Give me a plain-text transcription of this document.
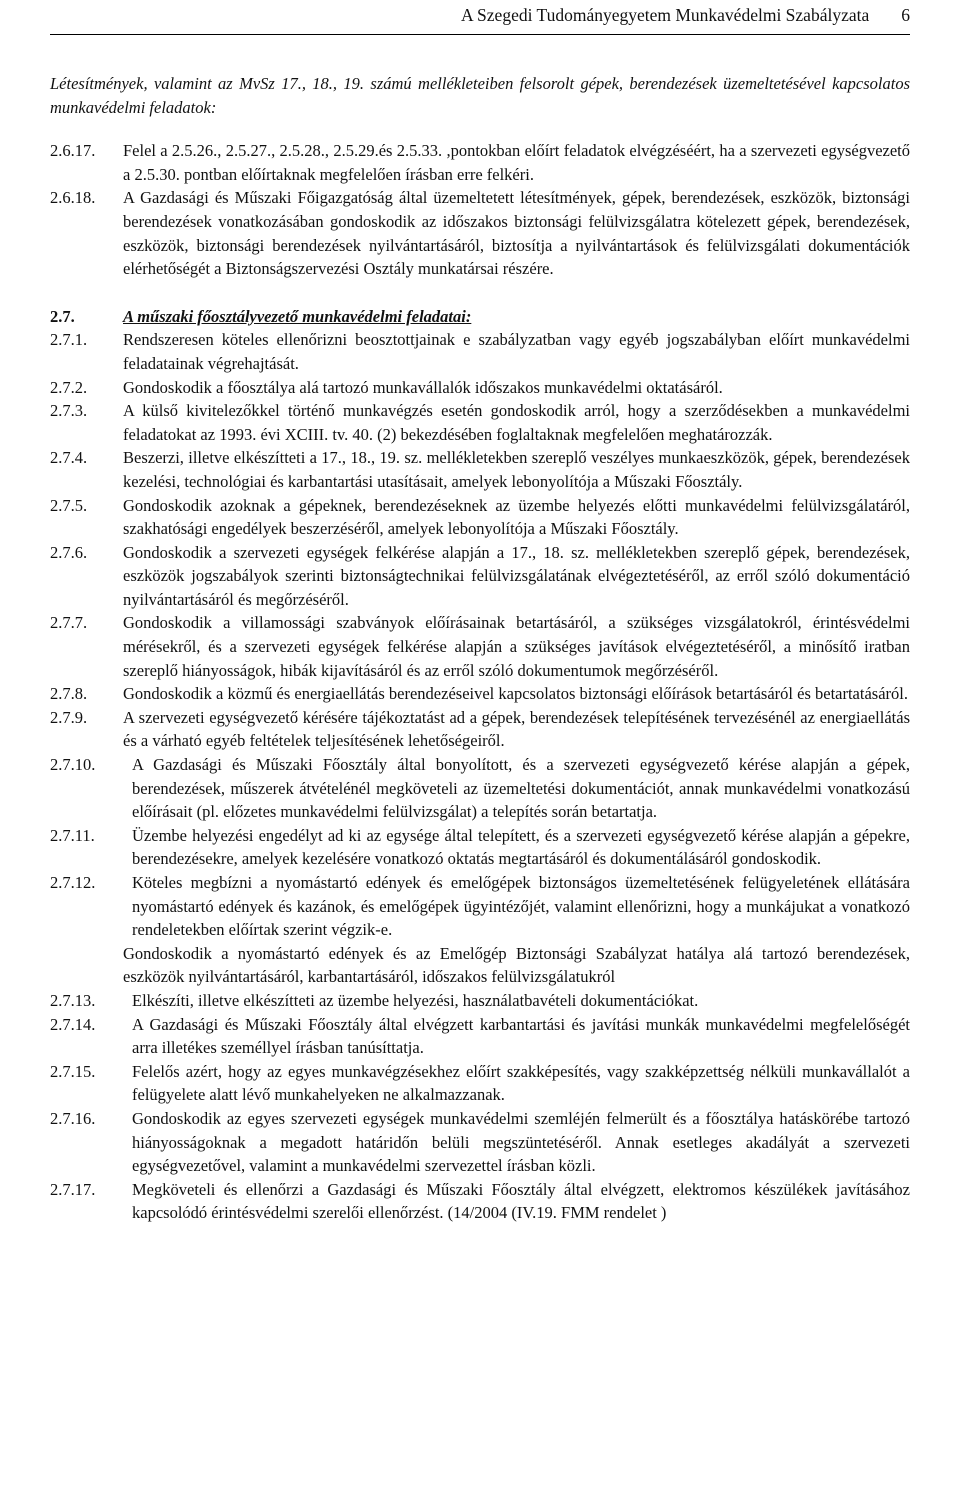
A Szegedi Tudományegyetem Munkavédelmi Szabályzata 6

Létesítmények, valamint az MvSz 17., 18., 19. számú mellékleteiben felsorolt gépek, berendezések üzemeltetésével kapcsolatos munkavédelmi feladatok:

2.6.17.	Felel a 2.5.26., 2.5.27., 2.5.28., 2.5.29.és 2.5.33. ,pontokban előírt feladatok elvégzéséért, ha a szervezeti egységvezető a 2.5.30. pontban előírtaknak megfelelően írásban erre felkéri.
2.6.18.	A Gazdasági és Műszaki Főigazgatóság által üzemeltetett létesítmények, gépek, berendezések, eszközök, biztonsági berendezések vonatkozásában gondoskodik az időszakos biztonsági felülvizsgálatra kötelezett gépek, berendezések, eszközök, biztonsági berendezések nyilvántartásáról, biztosítja a nyilvántartások és felülvizsgálati dokumentációk elérhetőségét a Biztonságszervezési Osztály munkatársai részére.
2.7.	A műszaki főosztályvezető munkavédelmi feladatai:
2.7.1.	Rendszeresen köteles ellenőrizni beosztottjainak e szabályzatban vagy egyéb jogszabályban előírt munkavédelmi feladatainak végrehajtását.
2.7.2.	Gondoskodik a főosztálya alá tartozó munkavállalók időszakos munkavédelmi oktatásáról.
2.7.3.	A külső kivitelezőkkel történő munkavégzés esetén gondoskodik arról, hogy a szerződésekben a munkavédelmi feladatokat az 1993. évi XCIII. tv. 40. (2) bekezdésében foglaltaknak megfelelően meghatározzák.
2.7.4.	Beszerzi, illetve elkészítteti a 17., 18., 19. sz. mellékletekben szereplő veszélyes munkaeszközök, gépek, berendezések kezelési, technológiai és karbantartási utasításait, amelyek lebonyolítója a Műszaki Főosztály.
2.7.5.	Gondoskodik azoknak a gépeknek, berendezéseknek az üzembe helyezés előtti munkavédelmi felülvizsgálatáról, szakhatósági engedélyek beszerzéséről, amelyek lebonyolítója a Műszaki Főosztály.
2.7.6.	Gondoskodik a szervezeti egységek felkérése alapján a 17., 18. sz. mellékletekben szereplő gépek, berendezések, eszközök jogszabályok szerinti biztonságtechnikai felülvizsgálatának elvégeztetéséről, az erről szóló dokumentáció nyilvántartásáról és megőrzéséről.
2.7.7.	Gondoskodik a villamossági szabványok előírásainak betartásáról, a szükséges vizsgálatokról, érintésvédelmi mérésekről, és a szervezeti egységek felkérése alapján a szükséges javítások elvégeztetéséről, a minősítő iratban szereplő hiányosságok, hibák kijavításáról és az erről szóló dokumentumok megőrzéséről.
2.7.8.	Gondoskodik a közmű és energiaellátás berendezéseivel kapcsolatos biztonsági előírások betartásáról és betartatásáról.
2.7.9.	A szervezeti egységvezető kérésére tájékoztatást ad a gépek, berendezések telepítésének tervezésénél az energiaellátás és a várható egyéb feltételek teljesítésének lehetőségeiről.
2.7.10.	A Gazdasági és Műszaki Főosztály által bonyolított, és a szervezeti egységvezető kérése alapján a gépek, berendezések, műszerek átvételénél megköveteli az üzemeltetési dokumentációt, annak munkavédelmi vonatkozású előírásait (pl. előzetes munkavédelmi felülvizsgálat) a telepítés során betartatja.
2.7.11.	Üzembe helyezési engedélyt ad ki az egysége által telepített, és a szervezeti egységvezető kérése alapján a gépekre, berendezésekre, amelyek kezelésére vonatkozó oktatás megtartásáról és dokumentálásáról gondoskodik.
2.7.12.	Köteles megbízni a nyomástartó edények és emelőgépek biztonságos üzemeltetésének felügyeletének ellátására nyomástartó edények és kazánok, és emelőgépek ügyintézőjét, valamint ellenőrizni, hogy a munkájukat a vonatkozó rendeletekben előírtak szerint végzik-e.

Gondoskodik a nyomástartó edények és az Emelőgép Biztonsági Szabályzat hatálya alá tartozó berendezések, eszközök nyilvántartásáról, karbantartásáról, időszakos felülvizsgálatukról

2.7.13.	Elkészíti, illetve elkészítteti az üzembe helyezési, használatbavételi dokumentációkat.
2.7.14.	A Gazdasági és Műszaki Főosztály által elvégzett karbantartási és javítási munkák munkavédelmi megfelelőségét arra illetékes személlyel írásban tanúsíttatja.
2.7.15.	Felelős azért, hogy az egyes munkavégzésekhez előírt szakképesítés, vagy szakképzettség nélküli munkavállalót a felügyelete alatt lévő munkahelyeken ne alkalmazzanak.
2.7.16.	Gondoskodik az egyes szervezeti egységek munkavédelmi szemléjén felmerült és a főosztálya hatáskörébe tartozó hiányosságoknak a megadott határidőn belüli megszüntetéséről. Annak esetleges akadályát a szervezeti egységvezetővel, valamint a munkavédelmi szervezettel írásban közli.
2.7.17.	Megköveteli és ellenőrzi a Gazdasági és Műszaki Főosztály által elvégzett, elektromos készülékek javításához kapcsolódó érintésvédelmi szerelői ellenőrzést. (14/2004 (IV.19. FMM rendelet )
